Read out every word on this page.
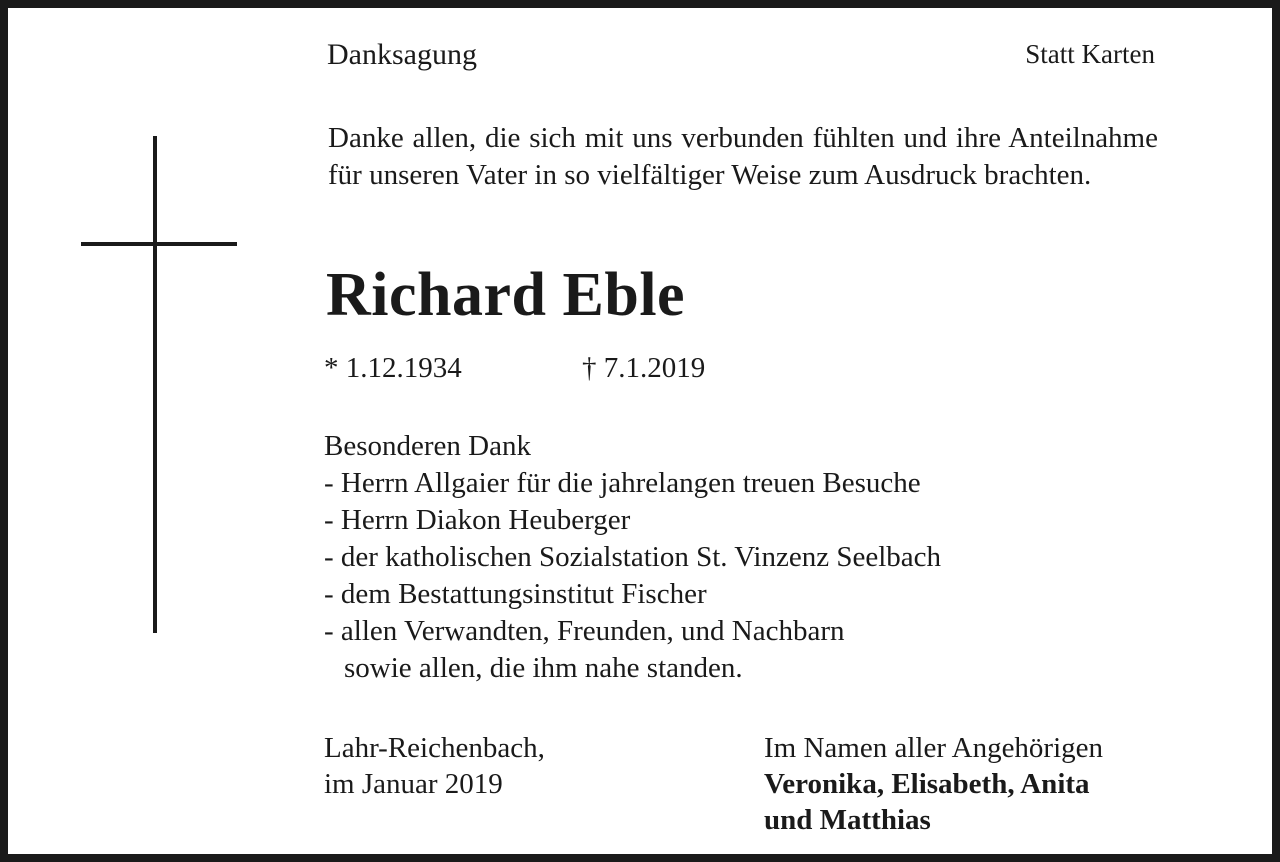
Danksagung	Statt Karten
Danke allen, die sich mit uns verbunden fühlten und ihre Anteilnahme für unseren Vater in so vielfältiger Weise zum Ausdruck brachten.
Richard Eble
* 1.12.1934	† 7.1.2019
Besonderen Dank
- Herrn Allgaier für die jahrelangen treuen Besuche
- Herrn Diakon Heuberger
- der katholischen Sozialstation St. Vinzenz Seelbach
- dem Bestattungsinstitut Fischer
- allen Verwandten, Freunden, und Nachbarn
sowie allen, die ihm nahe standen.
Lahr-Reichenbach,
im Januar 2019
Im Namen aller Angehörigen
Veronika, Elisabeth, Anita
und Matthias
